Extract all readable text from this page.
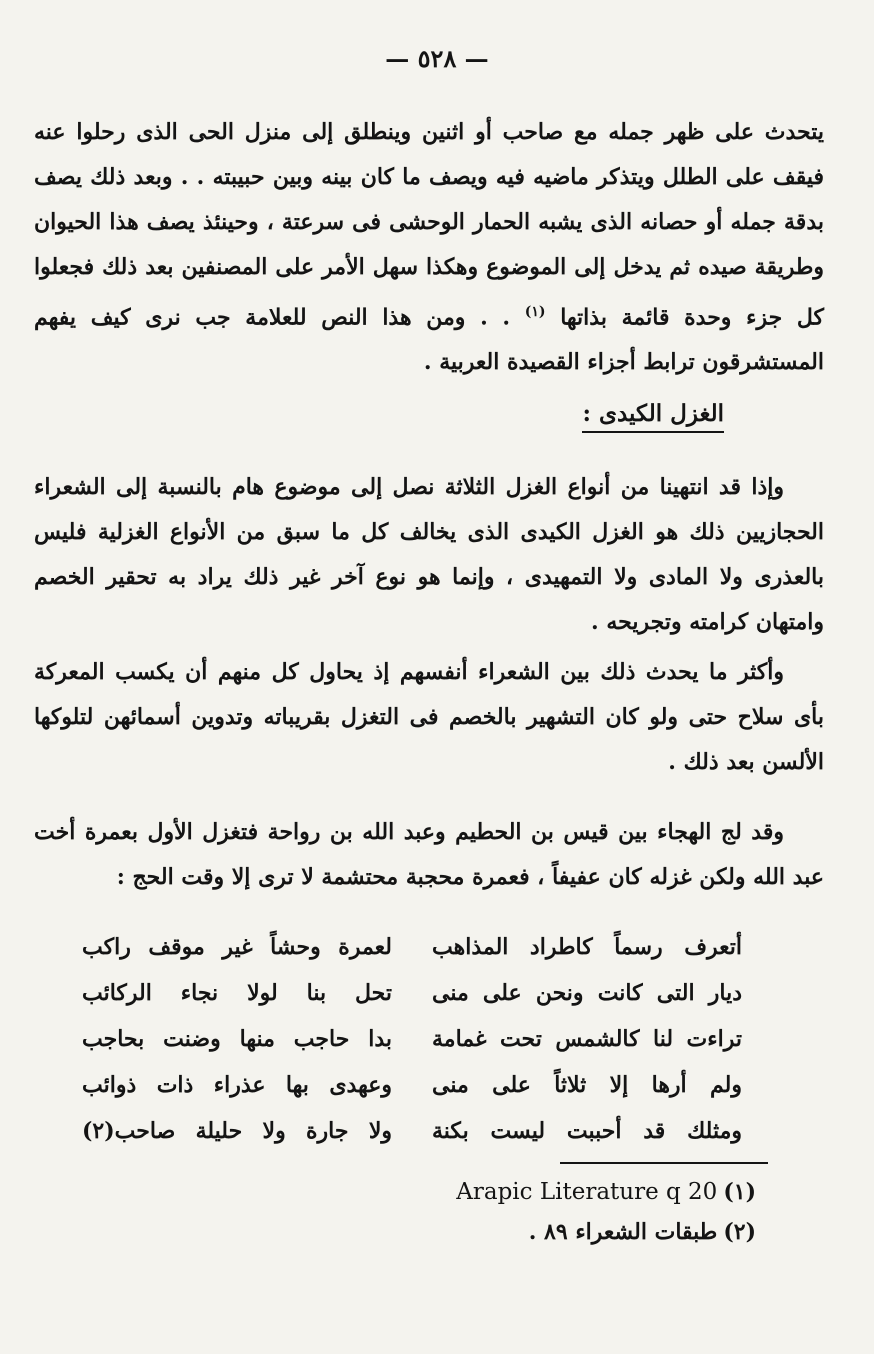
— ٥٢٨ —
يتحدث على ظهر جمله مع صاحب أو اثنين وينطلق إلى منزل الحى الذى رحلوا عنه فيقف على الطلل ويتذكر ماضيه فيه ويصف ما كان بينه وبين حبيبته . . وبعد ذلك يصف بدقة جمله أو حصانه الذى يشبه الحمار الوحشى فى سرعتة ، وحينئذ يصف هذا الحيوان وطريقة صيده ثم يدخل إلى الموضوع وهكذا سهل الأمر على المصنفين بعد ذلك فجعلوا كل جزء وحدة قائمة بذاتها $^{(١)}$ . . ومن هذا النص للعلامة جب نرى كيف يفهم المستشرقون ترابط أجزاء القصيدة العربية .
الغزل الكيدى :
وإذا قد انتهينا من أنواع الغزل الثلاثة نصل إلى موضوع هام بالنسبة إلى الشعراء الحجازيين ذلك هو الغزل الكيدى الذى يخالف كل ما سبق من الأنواع الغزلية فليس بالعذرى ولا المادى ولا التمهيدى ، وإنما هو نوع آخر غير ذلك يراد به تحقير الخصم وامتهان كرامته وتجريحه .
وأكثر ما يحدث ذلك بين الشعراء أنفسهم إذ يحاول كل منهم أن يكسب المعركة بأى سلاح حتى ولو كان التشهير بالخصم فى التغزل بقريباته وتدوين أسمائهن لتلوكها الألسن بعد ذلك .
وقد لج الهجاء بين قيس بن الحطيم وعبد الله بن رواحة فتغزل الأول بعمرة أخت عبد الله ولكن غزله كان عفيفاً ، فعمرة محجبة محتشمة لا ترى إلا وقت الحج :
أتعرف رسماً كاطراد المذاهب
لعمرة وحشاً غير موقف راكب
ديار التى كانت ونحن على منى
تحل بنا لولا نجاء الركائب
تراءت لنا كالشمس تحت غمامة
بدا حاجب منها وضنت بحاجب
ولم أرها إلا ثلاثاً على منى
وعهدى بها عذراء ذات ذوائب
ومثلك قد أحببت ليست بكنة
ولا جارة ولا حليلة صاحب(٢)
(١)Arapic Literature q 20
(٢)طبقات الشعراء ٨٩ .
